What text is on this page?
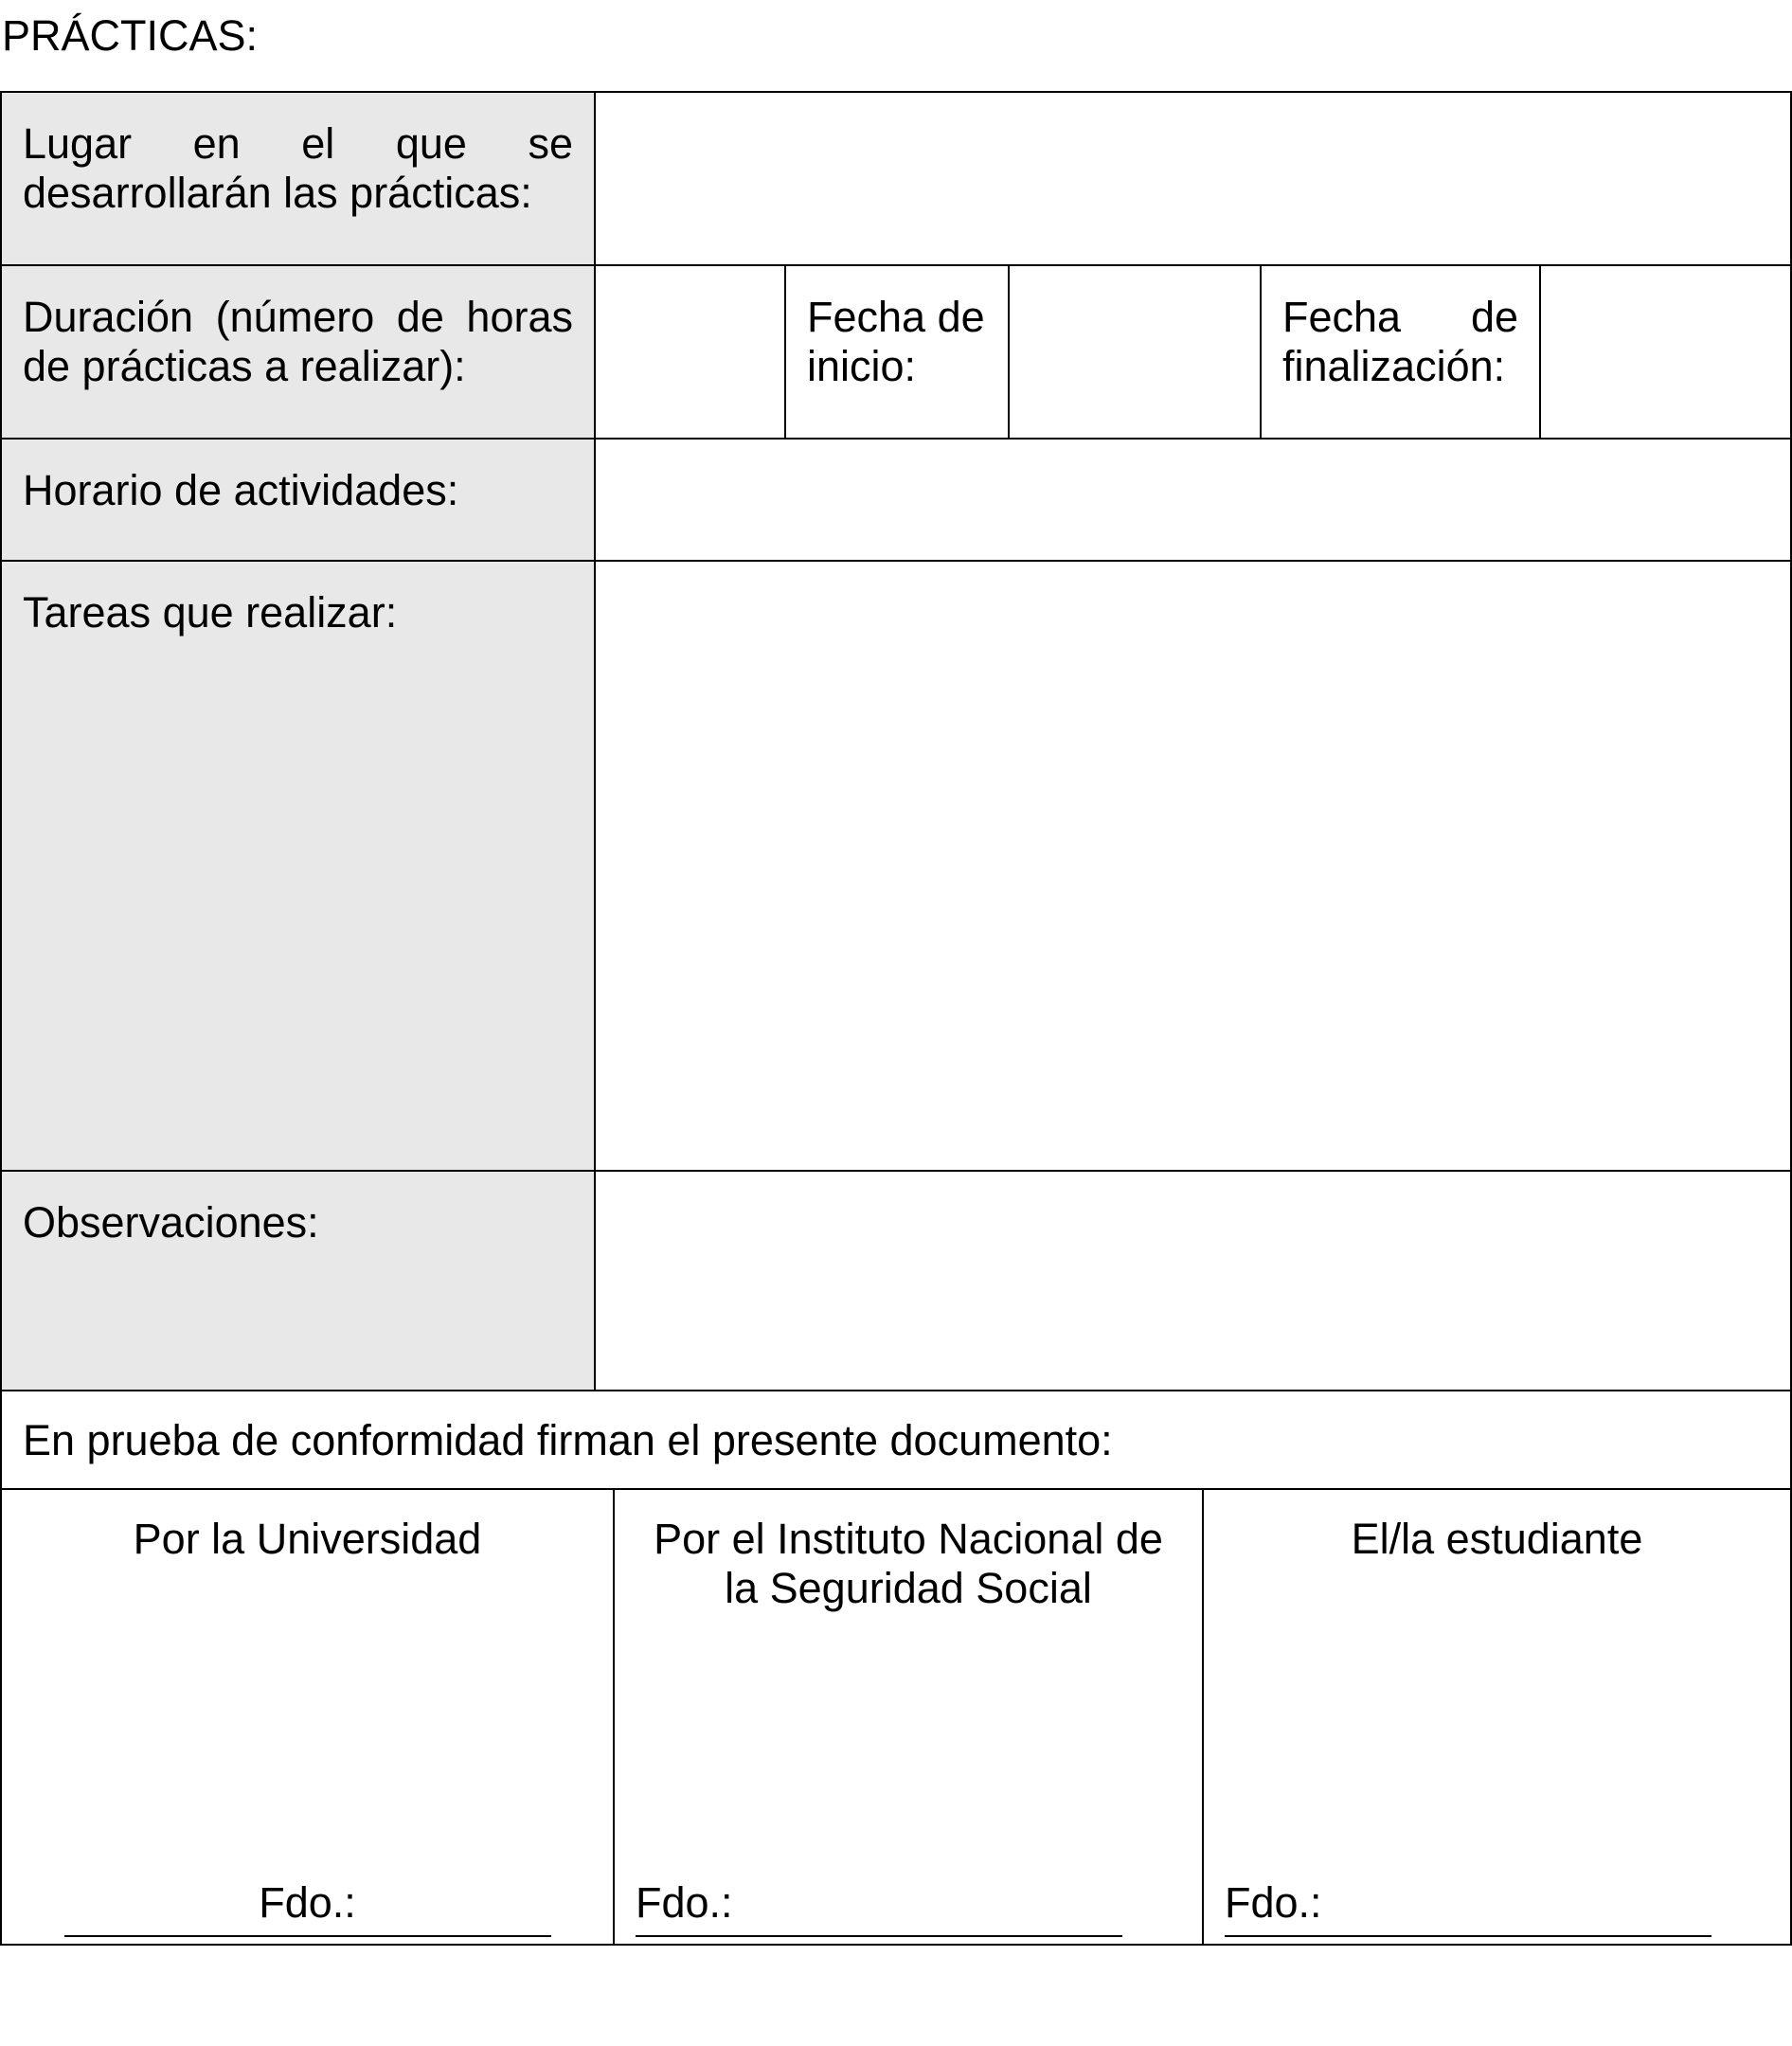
PRÁCTICAS:
Lugar en el que se desarrollarán las prácticas:
Duración (número de horas de prácticas a realizar):
Fecha de inicio:
Fecha de finalización:
Horario de actividades:
Tareas que realizar:
Observaciones:
En prueba de conformidad firman el presente documento:
Por la Universidad
Fdo.:
Por el Instituto Nacional de la Seguridad Social
Fdo.:
El/la estudiante
Fdo.:
